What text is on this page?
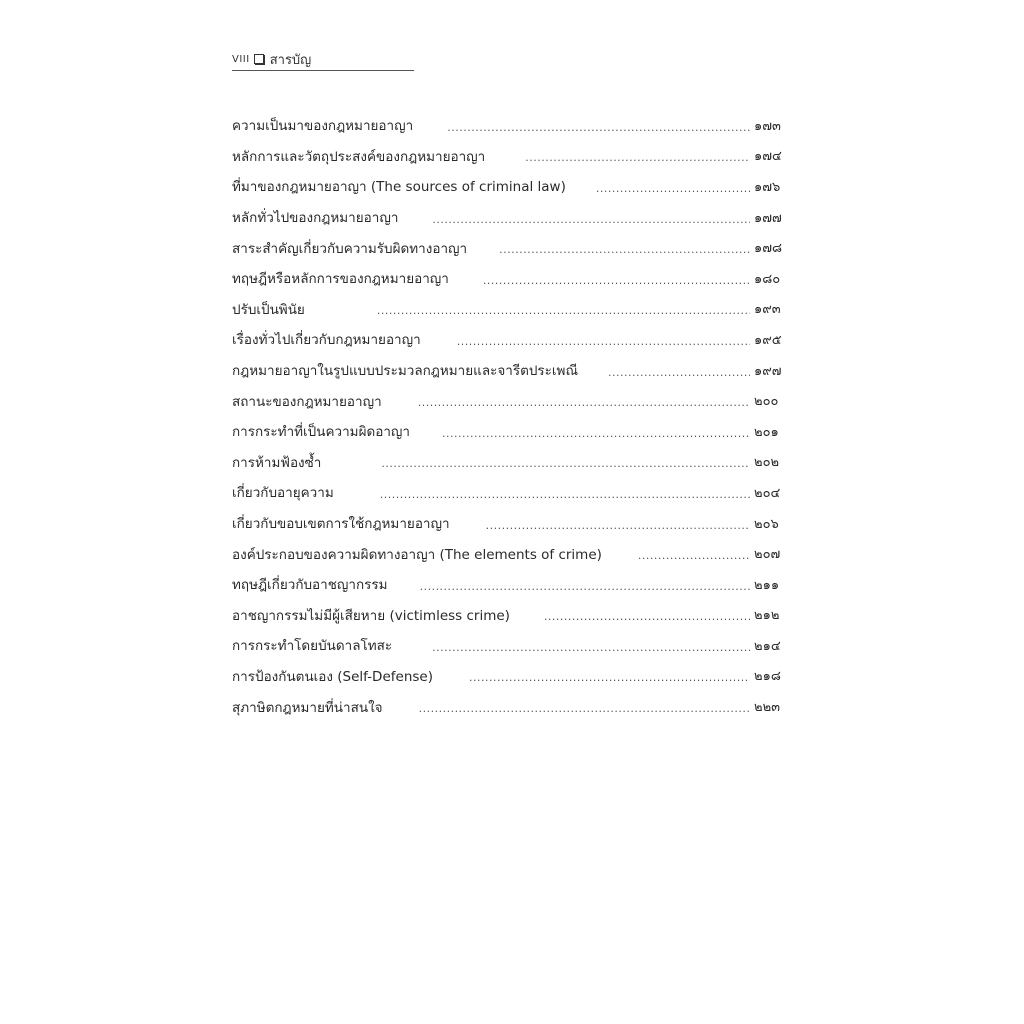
VIII สารบัญ
ความเป็นมาของกฎหมายอาญา .....	๑๗๓
หลักการและวัตถุประสงค์ของกฎหมายอาญา .....	๑๗๔
ที่มาของกฎหมายอาญา (The sources of criminal law) .....	๑๗๖
หลักทั่วไปของกฎหมายอาญา .....	๑๗๗
สาระสำคัญเกี่ยวกับความรับผิดทางอาญา .....	๑๗๘
ทฤษฎีหรือหลักการของกฎหมายอาญา .....	๑๘๐
ปรับเป็นพินัย .....	๑๙๓
เรื่องทั่วไปเกี่ยวกับกฎหมายอาญา .....	๑๙๕
กฎหมายอาญาในรูปแบบประมวลกฎหมายและจารีตประเพณี .....	๑๙๗
สถานะของกฎหมายอาญา .....	๒๐๐
การกระทำที่เป็นความผิดอาญา .....	๒๐๑
การห้ามฟ้องซ้ำ .....	๒๐๒
เกี่ยวกับอายุความ .....	๒๐๔
เกี่ยวกับขอบเขตการใช้กฎหมายอาญา .....	๒๐๖
องค์ประกอบของความผิดทางอาญา (The elements of crime) .....	๒๐๗
ทฤษฎีเกี่ยวกับอาชญากรรม .....	๒๑๑
อาชญากรรมไม่มีผู้เสียหาย (victimless crime) .....	๒๑๒
การกระทำโดยบันดาลโทสะ .....	๒๑๔
การป้องกันตนเอง (Self-Defense) .....	๒๑๘
สุภาษิตกฎหมายที่น่าสนใจ .....	๒๒๓
